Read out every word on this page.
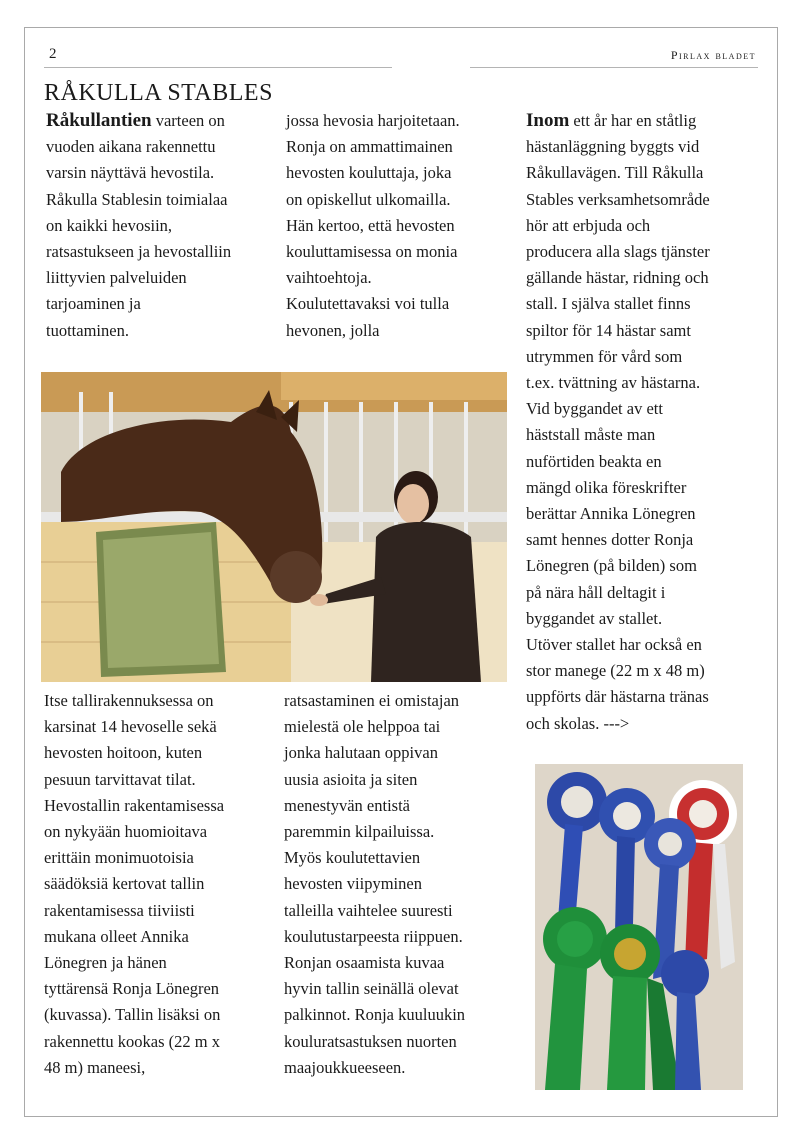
2	Pirlax bladet
RÅKULLA STABLES

Råkullantien varteen on
vuoden aikana rakennettu
varsin näyttävä hevostila.
Råkulla Stablesin toimialaa
on kaikki hevosiin,
ratsastukseen ja hevostalliin
liittyvien palveluiden
tarjoaminen ja
tuottaminen.

jossa hevosia harjoitetaan.
Ronja on ammattimainen
hevosten kouluttaja, joka
on opiskellut ulkomailla.
Hän kertoo, että hevosten
kouluttamisessa on monia
vaihtoehtoja.
Koulutettavaksi voi tulla
hevonen, jolla

Inom ett år har en ståtlig
hästanläggning byggts vid
Råkullavägen. Till Råkulla
Stables verksamhetsområde
hör att erbjuda och
producera alla slags tjänster
gällande hästar, ridning och
stall. I själva stallet finns
spiltor för 14 hästar samt
utrymmen för vård som
t.ex. tvättning av hästarna.
Vid byggandet av ett
häststall måste man
nuförtiden beakta en
mängd olika föreskrifter
berättar Annika Lönegren
samt hennes dotter Ronja
Lönegren (på bilden) som
på nära håll deltagit i
byggandet av stallet.
Utöver stallet har också en
stor manege (22 m x 48 m)
uppförts där hästarna tränas
och skolas. --->

Itse tallirakennuksessa on
karsinat 14 hevoselle sekä
hevosten hoitoon, kuten
pesuun tarvittavat tilat.
Hevostallin rakentamisessa
on nykyään huomioitava
erittäin monimuotoisia
säädöksiä kertovat tallin
rakentamisessa tiiviisti
mukana olleet Annika
Lönegren ja hänen
tyttärensä Ronja Lönegren
(kuvassa). Tallin lisäksi on
rakennettu kookas (22 m x
48 m) maneesi,

ratsastaminen ei omistajan
mielestä ole helppoa tai
jonka halutaan oppivan
uusia asioita ja siten
menestyvän entistä
paremmin kilpailuissa.
Myös koulutettavien
hevosten viipyminen
talleilla vaihtelee suuresti
koulutustarpeesta riippuen.
Ronjan osaamista kuvaa
hyvin tallin seinällä olevat
palkinnot. Ronja kuuluukin
kouluratsastuksen nuorten
maajoukkueeseen.
